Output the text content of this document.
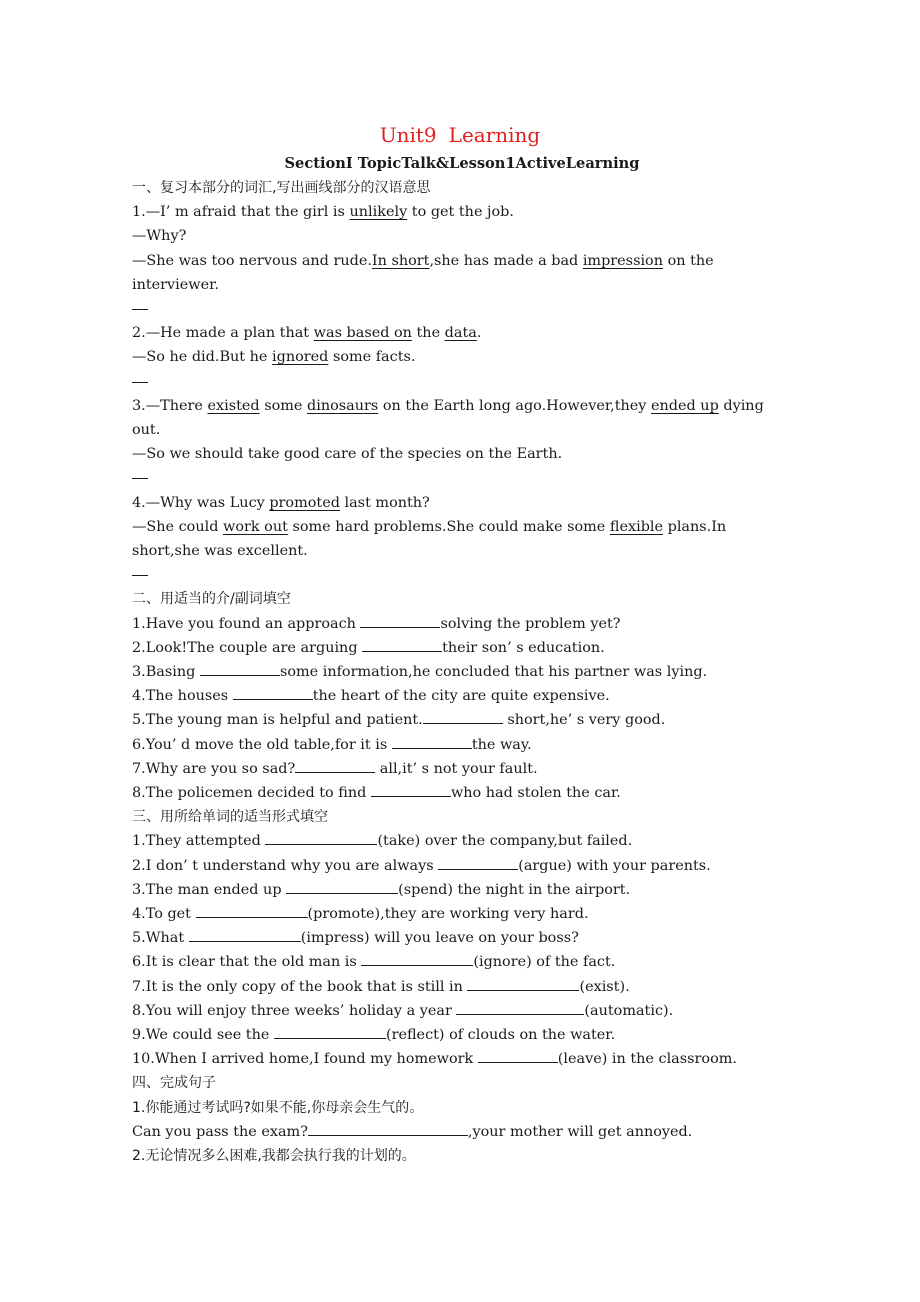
Unit9 Learning
SectionⅠ TopicTalk&Lesson1ActiveLearning
一、复习本部分的词汇,写出画线部分的汉语意思
1.—I’ m afraid that the girl is unlikely to get the job.
—Why?
—She was too nervous and rude.In short,she has made a bad impression on the interviewer.
2.—He made a plan that was based on the data.
—So he did.But he ignored some facts.
3.—There existed some dinosaurs on the Earth long ago.However,they ended up dying out.
—So we should take good care of the species on the Earth.
4.—Why was Lucy promoted last month?
—She could work out some hard problems.She could make some flexible plans.In short,she was excellent.
二、用适当的介/副词填空
1.Have you found an approach	solving the problem yet?
2.Look!The couple are arguing	their son’ s education.
3.Basing	some information,he concluded that his partner was lying.
4.The houses	the heart of the city are quite expensive.
5.The young man is helpful and patient.	short,he’ s very good.
6.You’ d move the old table,for it is	the way.
7.Why are you so sad?	all,it’ s not your fault.
8.The policemen decided to find	who had stolen the car.
三、用所给单词的适当形式填空
1.They attempted	(take) over the company,but failed.
2.I don’ t understand why you are always	(argue) with your parents.
3.The man ended up	(spend) the night in the airport.
4.To get	(promote),they are working very hard.
5.What	(impress) will you leave on your boss?
6.It is clear that the old man is	(ignore) of the fact.
7.It is the only copy of the book that is still in	(exist).
8.You will enjoy three weeks’ holiday a year	(automatic).
9.We could see the	(reflect) of clouds on the water.
10.When I arrived home,I found my homework	(leave) in the classroom.
四、完成句子
1.你能通过考试吗?如果不能,你母亲会生气的。
Can you pass the exam?	,your mother will get annoyed.
2.无论情况多么困难,我都会执行我的计划的。
